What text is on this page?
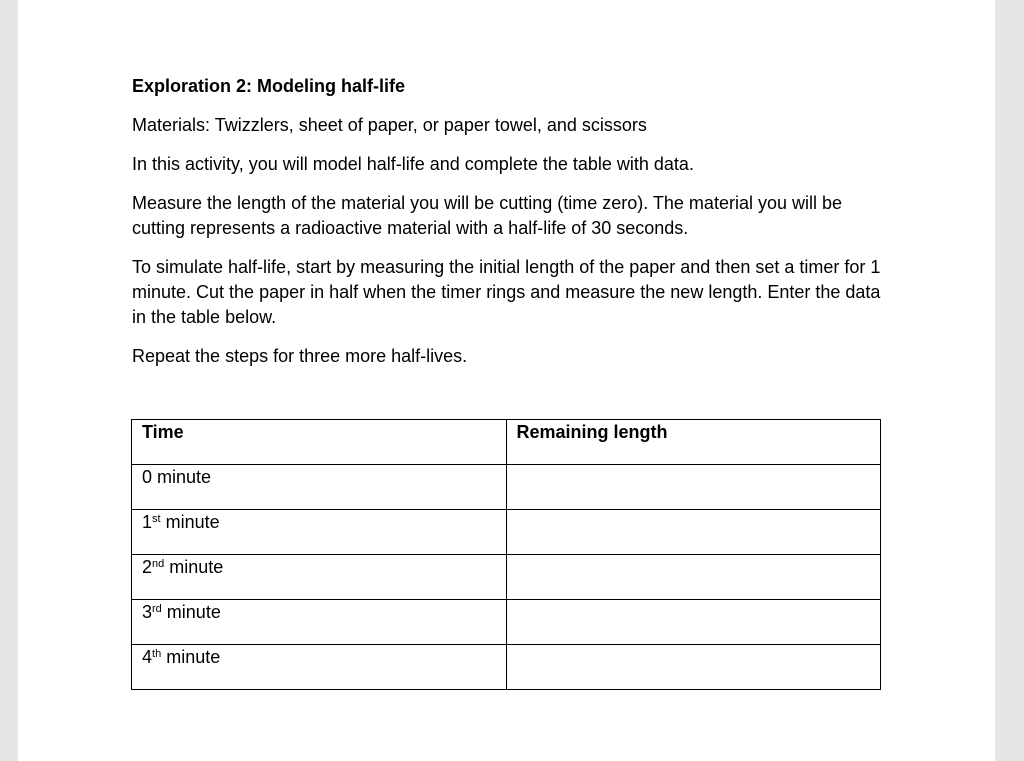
Exploration 2: Modeling half-life

Materials: Twizzlers, sheet of paper, or paper towel, and scissors

In this activity, you will model half-life and complete the table with data.

Measure the length of the material you will be cutting (time zero). The material you will be cutting represents a radioactive material with a half-life of 30 seconds.

To simulate half-life, start by measuring the initial length of the paper and then set a timer for 1 minute. Cut the paper in half when the timer rings and measure the new length. Enter the data in the table below.

Repeat the steps for three more half-lives.

Time	Remaining length
0 minute	
1st minute	
2nd minute	
3rd minute	
4th minute	
